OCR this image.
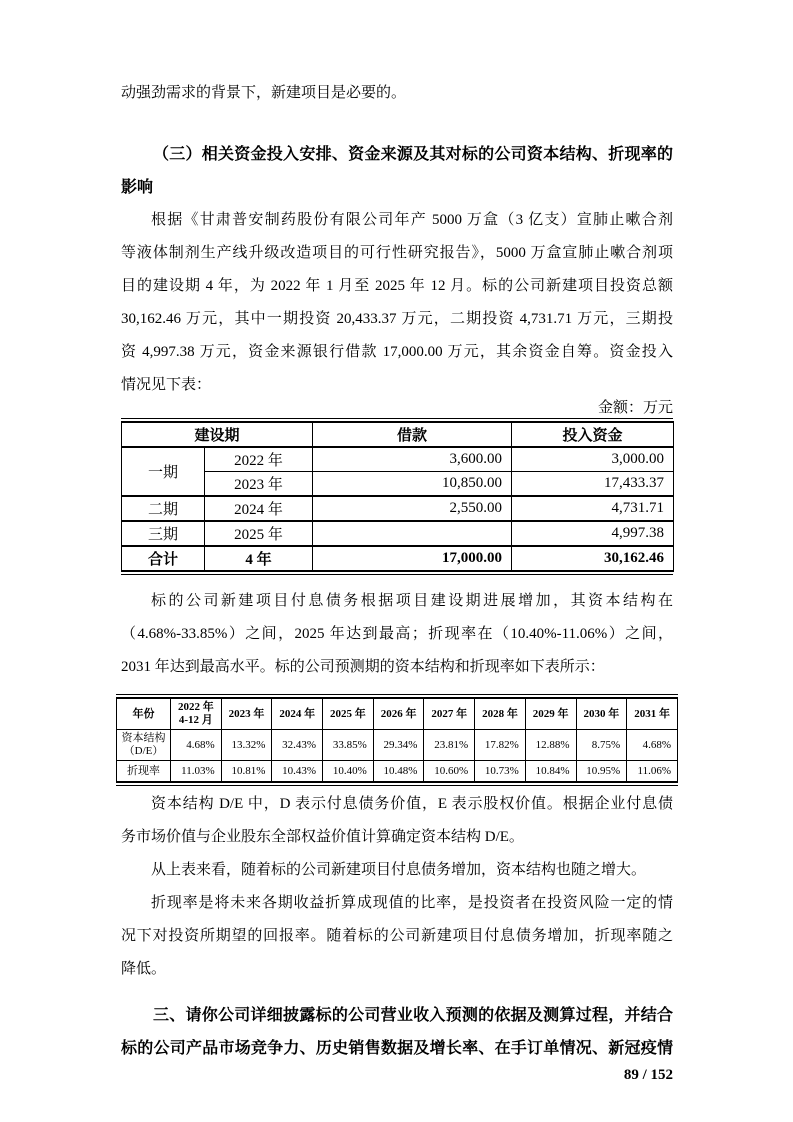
动强劲需求的背景下，新建项目是必要的。
（三）相关资金投入安排、资金来源及其对标的公司资本结构、折现率的
影响
根据《甘肃普安制药股份有限公司年产 5000 万盒（3 亿支）宣肺止嗽合剂
等液体制剂生产线升级改造项目的可行性研究报告》，5000 万盒宣肺止嗽合剂项
目的建设期 4 年，为 2022 年 1 月至 2025 年 12 月。标的公司新建项目投资总额
30,162.46 万元，其中一期投资 20,433.37 万元，二期投资 4,731.71 万元，三期投
资 4,997.38 万元，资金来源银行借款 17,000.00 万元，其余资金自筹。资金投入
情况见下表：
金额：万元
建设期		借款	投入资金
一期	2022 年	3,600.00	3,000.00
	2023 年	10,850.00	17,433.37
二期	2024 年	2,550.00	4,731.71
三期	2025 年		4,997.38
合计	4 年	17,000.00	30,162.46
标的公司新建项目付息债务根据项目建设期进展增加，其资本结构在
（4.68%-33.85%）之间，2025 年达到最高；折现率在（10.40%-11.06%）之间，
2031 年达到最高水平。标的公司预测期的资本结构和折现率如下表所示：
年份	2022 年
4-12 月	2023 年	2024 年	2025 年	2026 年	2027 年	2028 年	2029 年	2030 年	2031 年

资本结构
（D/E）	4.68%	13.32%	32.43%	33.85%	29.34%	23.81%	17.82%	12.88%	8.75%	4.68%
折现率	11.03%	10.81%	10.43%	10.40%	10.48%	10.60%	10.73%	10.84%	10.95%	11.06%
资本结构 D/E 中，D 表示付息债务价值，E 表示股权价值。根据企业付息债
务市场价值与企业股东全部权益价值计算确定资本结构 D/E。
从上表来看，随着标的公司新建项目付息债务增加，资本结构也随之增大。
折现率是将未来各期收益折算成现值的比率，是投资者在投资风险一定的情
况下对投资所期望的回报率。随着标的公司新建项目付息债务增加，折现率随之
降低。
三、请你公司详细披露标的公司营业收入预测的依据及测算过程，并结合
标的公司产品市场竞争力、历史销售数据及增长率、在手订单情况、新冠疫情
89 / 152
